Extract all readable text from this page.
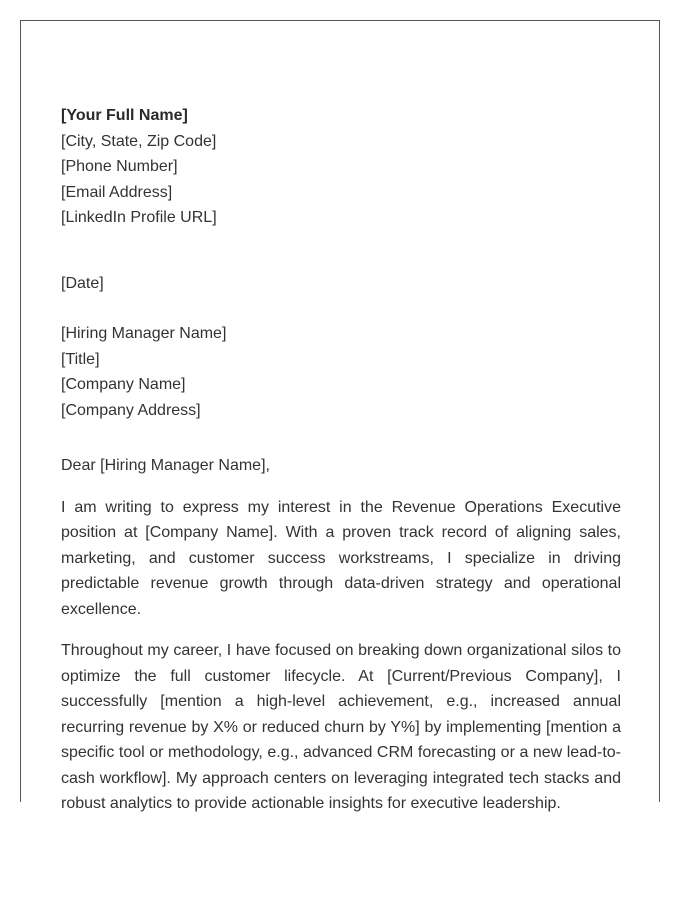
[Your Full Name]
[City, State, Zip Code]
[Phone Number]
[Email Address]
[LinkedIn Profile URL]
[Date]
[Hiring Manager Name]
[Title]
[Company Name]
[Company Address]
Dear [Hiring Manager Name],

I am writing to express my interest in the Revenue Operations Executive position at [Company Name]. With a proven track record of aligning sales, marketing, and customer success workstreams, I specialize in driving predictable revenue growth through data-driven strategy and operational excellence.

Throughout my career, I have focused on breaking down organizational silos to optimize the full customer lifecycle. At [Current/Previous Company], I successfully [mention a high-level achievement, e.g., increased annual recurring revenue by X% or reduced churn by Y%] by implementing [mention a specific tool or methodology, e.g., advanced CRM forecasting or a new lead-to-cash workflow]. My approach centers on leveraging integrated tech stacks and robust analytics to provide actionable insights for executive leadership.
